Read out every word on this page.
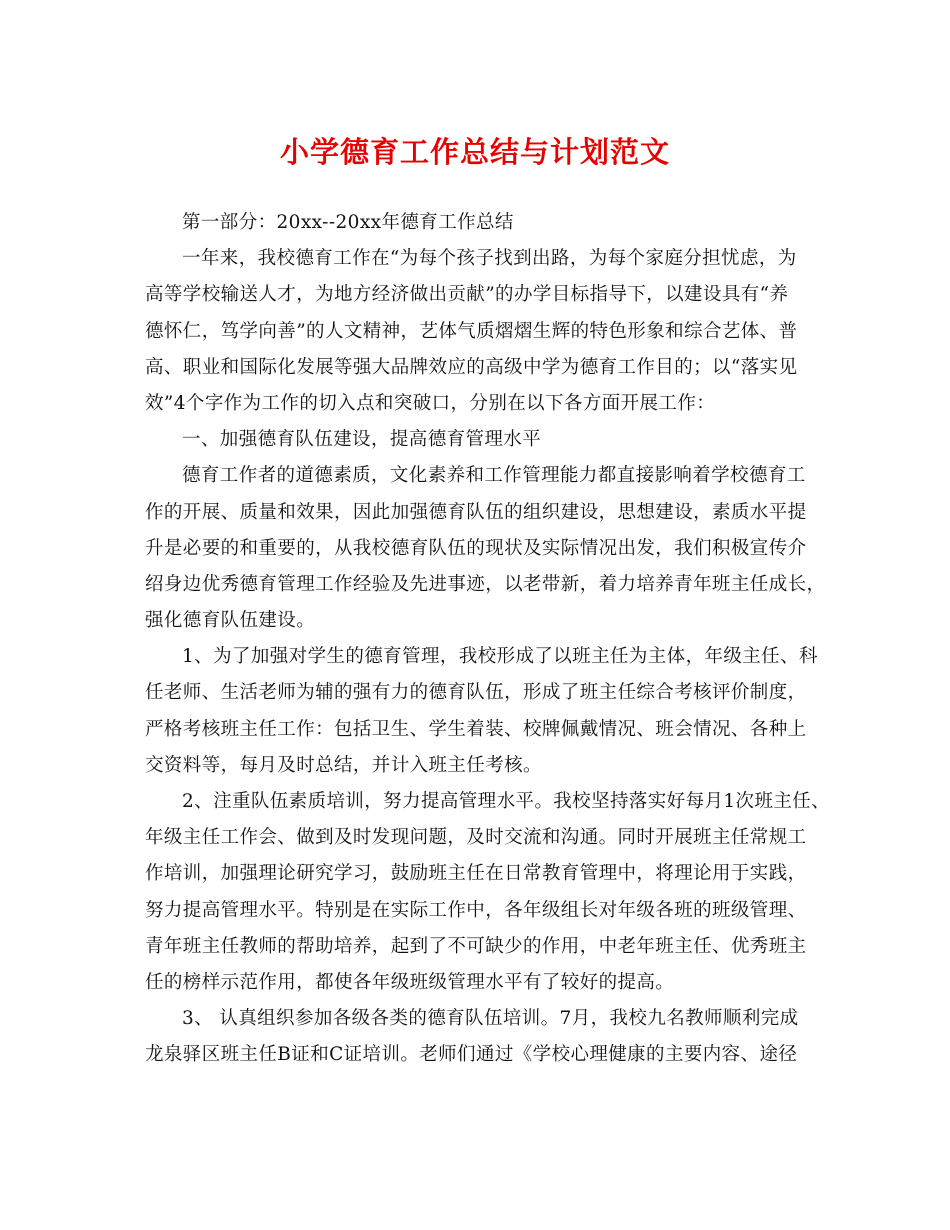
小学德育工作总结与计划范文
第一部分：20xx--20xx年德育工作总结
一年来，我校德育工作在“为每个孩子找到出路，为每个家庭分担忧虑，为
高等学校输送人才，为地方经济做出贡献”的办学目标指导下，以建设具有“养
德怀仁，笃学向善”的人文精神，艺体气质熠熠生辉的特色形象和综合艺体、普
高、职业和国际化发展等强大品牌效应的高级中学为德育工作目的；以“落实见
效”4个字作为工作的切入点和突破口，分别在以下各方面开展工作：
一、加强德育队伍建设，提高德育管理水平
德育工作者的道德素质，文化素养和工作管理能力都直接影响着学校德育工
作的开展、质量和效果，因此加强德育队伍的组织建设，思想建设，素质水平提
升是必要的和重要的，从我校德育队伍的现状及实际情况出发，我们积极宣传介
绍身边优秀德育管理工作经验及先进事迹，以老带新，着力培养青年班主任成长，
强化德育队伍建设。
1、为了加强对学生的德育管理，我校形成了以班主任为主体，年级主任、科
任老师、生活老师为辅的强有力的德育队伍，形成了班主任综合考核评价制度，
严格考核班主任工作：包括卫生、学生着装、校牌佩戴情况、班会情况、各种上
交资料等，每月及时总结，并计入班主任考核。
2、注重队伍素质培训，努力提高管理水平。我校坚持落实好每月1次班主任、
年级主任工作会、做到及时发现问题，及时交流和沟通。同时开展班主任常规工
作培训，加强理论研究学习，鼓励班主任在日常教育管理中，将理论用于实践，
努力提高管理水平。特别是在实际工作中，各年级组长对年级各班的班级管理、
青年班主任教师的帮助培养，起到了不可缺少的作用，中老年班主任、优秀班主
任的榜样示范作用，都使各年级班级管理水平有了较好的提高。
3、 认真组织参加各级各类的德育队伍培训。7月，我校九名教师顺利完成
龙泉驿区班主任B证和C证培训。老师们通过《学校心理健康的主要内容、途径
